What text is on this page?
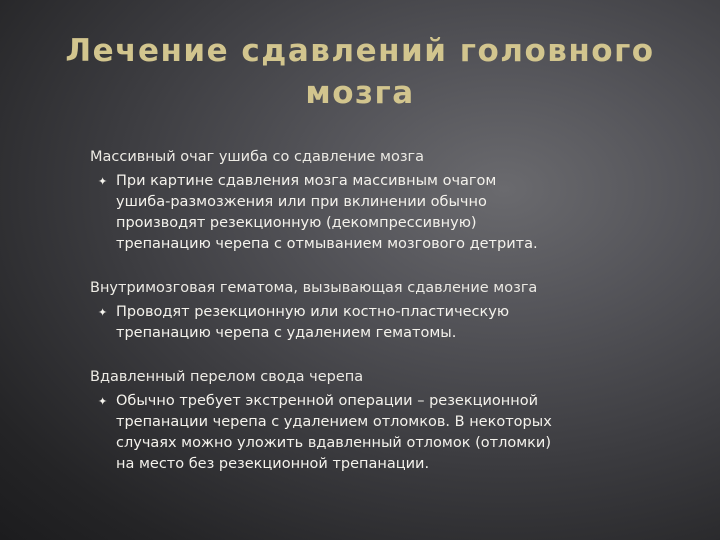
Лечение сдавлений головного
мозга
Массивный очаг ушиба со сдавление мозга
✦ При картине сдавления мозга массивным очагом
ушиба-размозжения или при вклинении обычно
производят резекционную (декомпрессивную)
трепанацию черепа с отмыванием мозгового детрита.
Внутримозговая гематома, вызывающая сдавление мозга
✦ Проводят резекционную или костно-пластическую
трепанацию черепа с удалением гематомы.
Вдавленный перелом свода черепа
✦ Обычно требует экстренной операции – резекционной
трепанации черепа с удалением отломков. В некоторых
случаях можно уложить вдавленный отломок (отломки)
на место без резекционной трепанации.
